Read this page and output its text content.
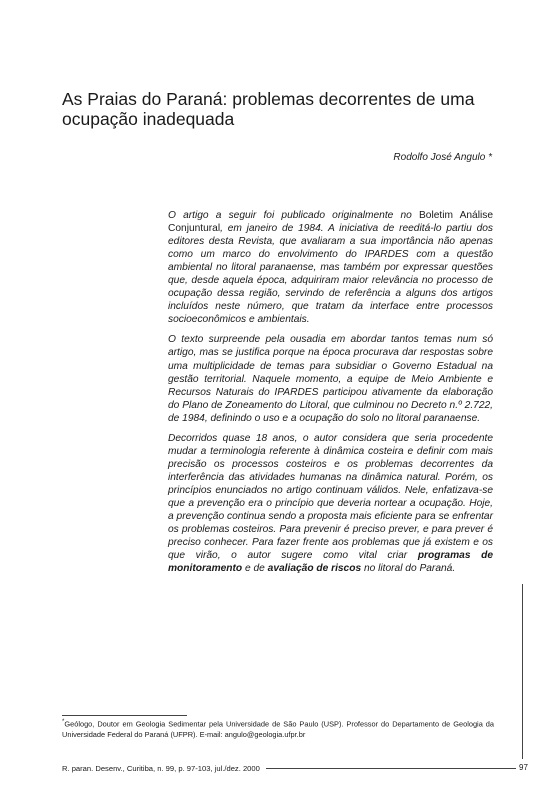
As Praias do Paraná: problemas decorrentes de uma ocupação inadequada
Rodolfo José Angulo *

O artigo a seguir foi publicado originalmente no Boletim Análise Conjuntural, em janeiro de 1984. A iniciativa de reeditá-lo partiu dos editores desta Revista, que avaliaram a sua importância não apenas como um marco do envolvimento do IPARDES com a questão ambiental no litoral paranaense, mas também por expressar questões que, desde aquela época, adquiriram maior relevância no processo de ocupação dessa região, servindo de referência a alguns dos artigos incluídos neste número, que tratam da interface entre processos socioeconômicos e ambientais.

O texto surpreende pela ousadia em abordar tantos temas num só artigo, mas se justifica porque na época procurava dar respostas sobre uma multiplicidade de temas para subsidiar o Governo Estadual na gestão territorial. Naquele momento, a equipe de Meio Ambiente e Recursos Naturais do IPARDES participou ativamente da elaboração do Plano de Zoneamento do Litoral, que culminou no Decreto n.º 2.722, de 1984, definindo o uso e a ocupação do solo no litoral paranaense.

Decorridos quase 18 anos, o autor considera que seria procedente mudar a terminologia referente à dinâmica costeira e definir com mais precisão os processos costeiros e os problemas decorrentes da interferência das atividades humanas na dinâmica natural. Porém, os princípios enunciados no artigo continuam válidos. Nele, enfatizava-se que a prevenção era o princípio que deveria nortear a ocupação. Hoje, a prevenção continua sendo a proposta mais eficiente para se enfrentar os problemas costeiros. Para prevenir é preciso prever, e para prever é preciso conhecer. Para fazer frente aos problemas que já existem e os que virão, o autor sugere como vital criar programas de monitoramento e de avaliação de riscos no litoral do Paraná.

*Geólogo, Doutor em Geologia Sedimentar pela Universidade de São Paulo (USP). Professor do Departamento de Geologia da Universidade Federal do Paraná (UFPR). E-mail: angulo@geologia.ufpr.br
R. paran. Desenv., Curitiba, n. 99, p. 97-103, jul./dez. 2000	97
